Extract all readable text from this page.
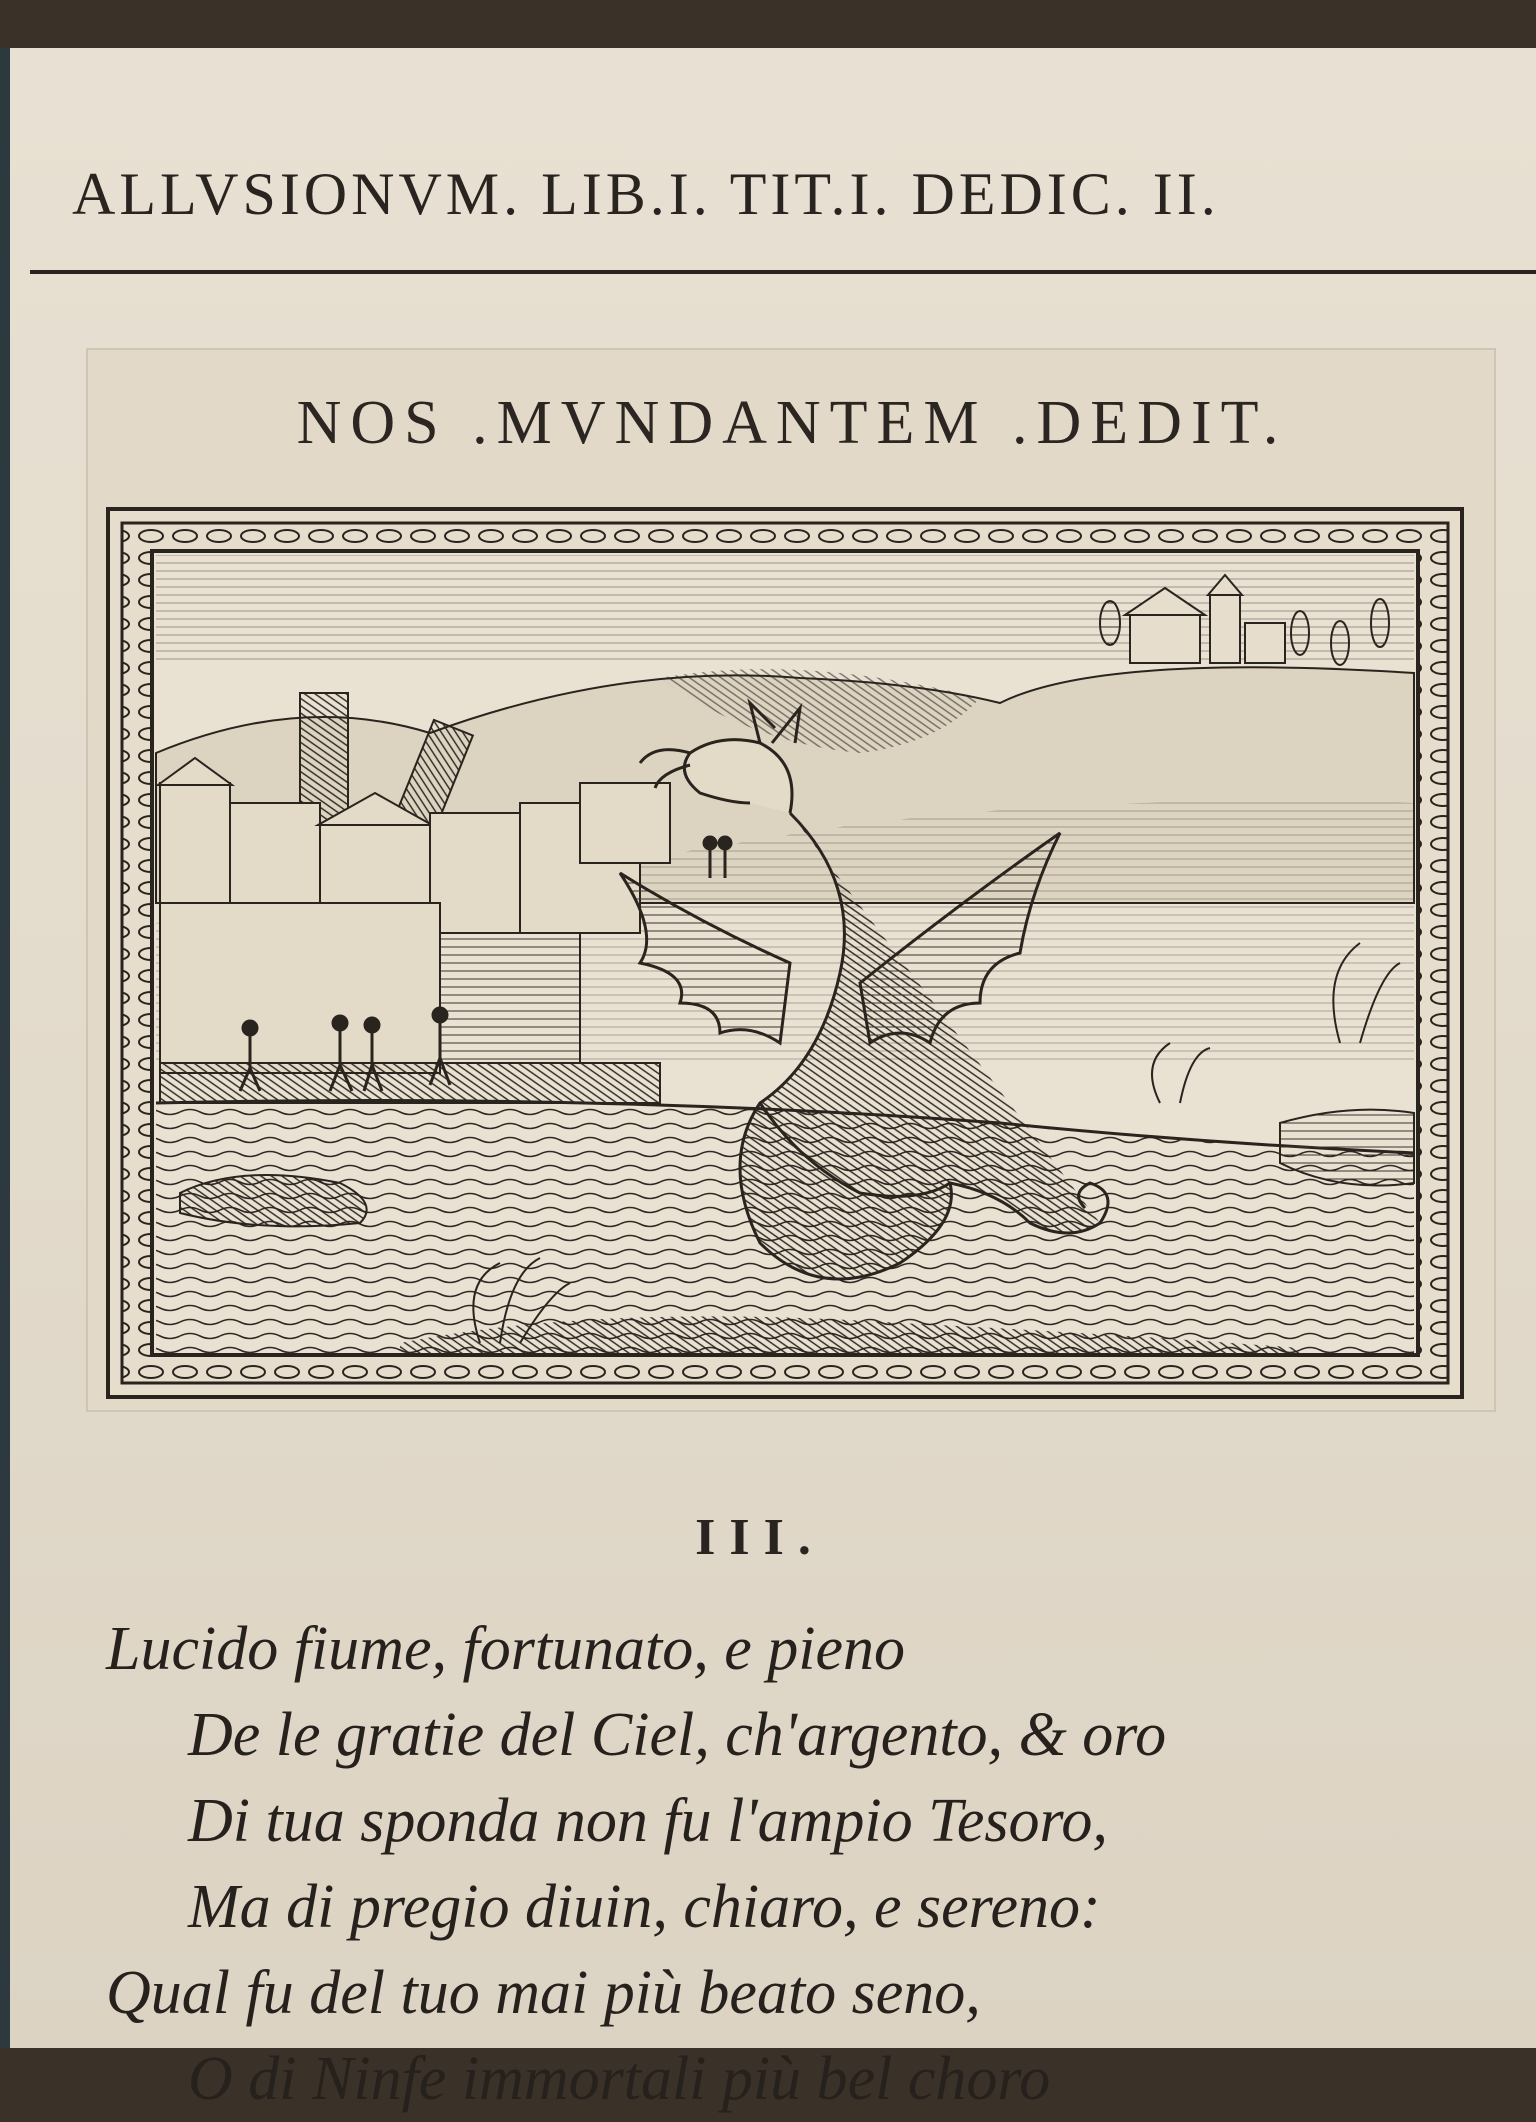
ALLVSIONVM. LIB.I. TIT.I. DEDIC. II.
NOS .MVNDANTEM .DEDIT.
III.
Lucido fiume, fortunato, e pieno
De le gratie del Ciel, ch'argento, & oro
Di tua sponda non fu l'ampio Tesoro,
Ma di pregio diuin, chiaro, e sereno:
Qual fu del tuo mai più beato seno,
O di Ninfe immortali più bel choro
